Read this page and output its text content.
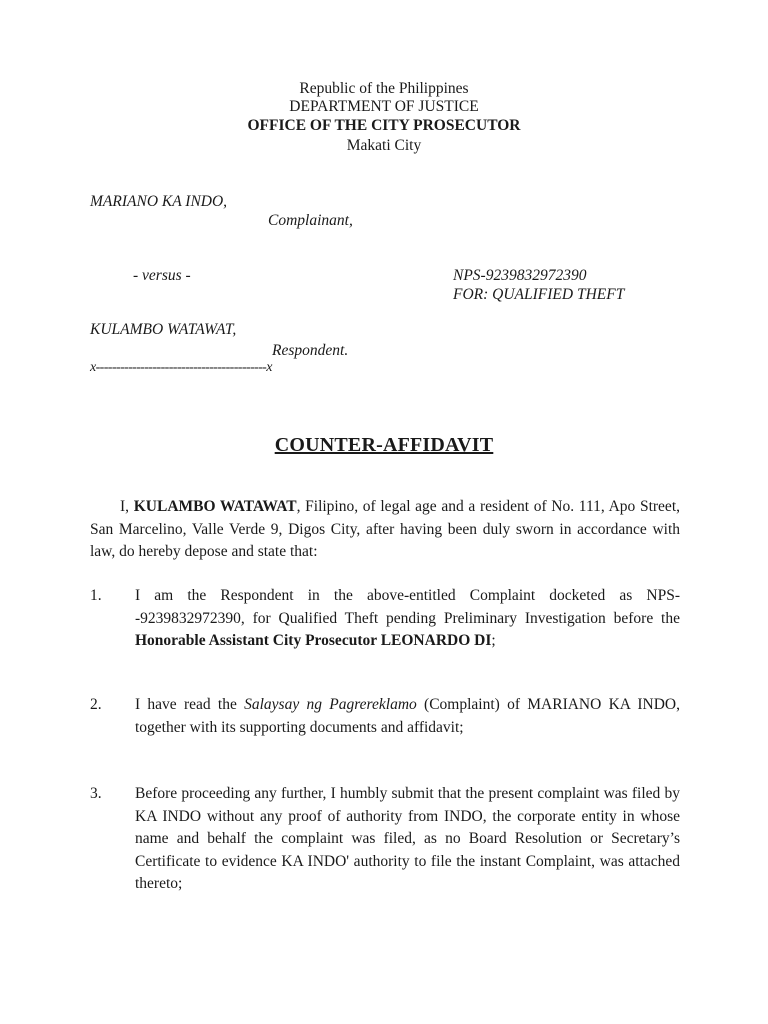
Republic of the Philippines
DEPARTMENT OF JUSTICE
OFFICE OF THE CITY PROSECUTOR
Makati City
MARIANO KA INDO,
Complainant,
- versus -	NPS-9239832972390
FOR: QUALIFIED THEFT
KULAMBO WATAWAT,
Respondent.
x------------------------------------------x
COUNTER-AFFIDAVIT
I, KULAMBO WATAWAT, Filipino, of legal age and a resident of No. 111, Apo Street, San Marcelino, Valle Verde 9, Digos City, after having been duly sworn in accordance with law, do hereby depose and state that:
1. I am the Respondent in the above-entitled Complaint docketed as NPS--9239832972390, for Qualified Theft pending Preliminary Investigation before the Honorable Assistant City Prosecutor LEONARDO DI;
2. I have read the Salaysay ng Pagrereklamo (Complaint) of MARIANO KA INDO, together with its supporting documents and affidavit;
3. Before proceeding any further, I humbly submit that the present complaint was filed by KA INDO without any proof of authority from INDO, the corporate entity in whose name and behalf the complaint was filed, as no Board Resolution or Secretary’s Certificate to evidence KA INDO' authority to file the instant Complaint, was attached thereto;
